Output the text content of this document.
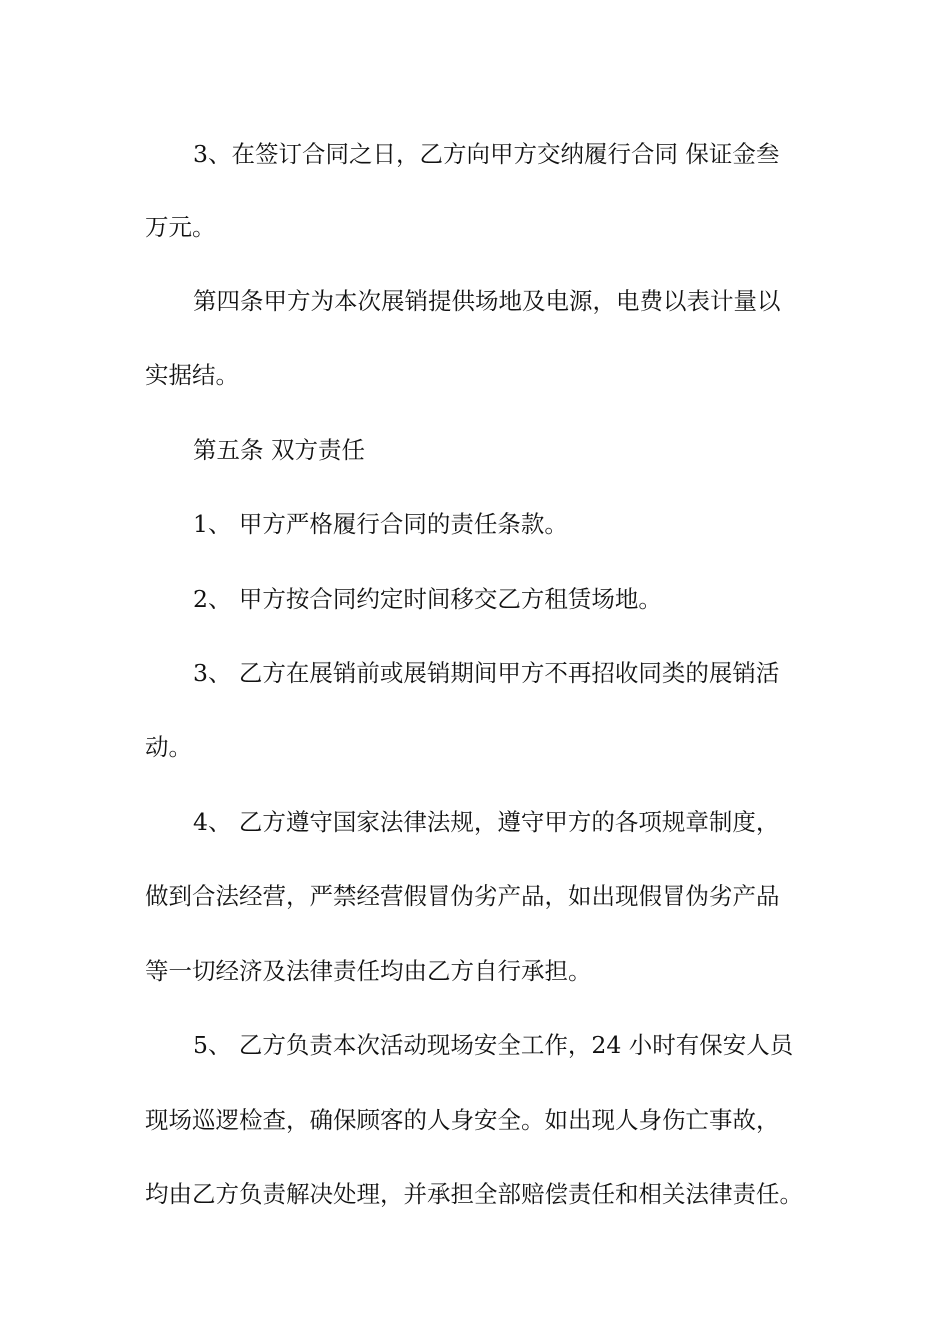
3、在签订合同之日，乙方向甲方交纳履行合同 保证金叁
万元。
第四条甲方为本次展销提供场地及电源，电费以表计量以
实据结。
第五条 双方责任
1、 甲方严格履行合同的责任条款。
2、 甲方按合同约定时间移交乙方租赁场地。
3、 乙方在展销前或展销期间甲方不再招收同类的展销活
动。
4、 乙方遵守国家法律法规，遵守甲方的各项规章制度，
做到合法经营，严禁经营假冒伪劣产品，如出现假冒伪劣产品
等一切经济及法律责任均由乙方自行承担。
5、 乙方负责本次活动现场安全工作，24 小时有保安人员
现场巡逻检查，确保顾客的人身安全。如出现人身伤亡事故，
均由乙方负责解决处理，并承担全部赔偿责任和相关法律责任。
